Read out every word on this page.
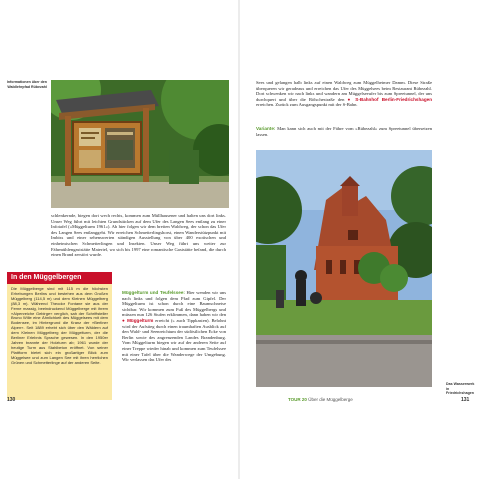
Informationen über den Waldlehrpfad Rübezahl

schlenkernde, biegen dort wech rechts, kommen zum Müllhausener und halten uns dort links. Unser Weg führt mit leichten Grundstücken auf dem Ufer des Langen Sees entlang zu einer Infotafel (»Müggelturm 1961«). Ab hier folgen wir dem breiten Waldweg, der schon das Ufer des Langen Sees entlanggeht. Wir erreichen Schmetterlingshorst, einen Wanderstützpunkt mit Imbiss und einer sehenswerten ständigen Ausstellung von über 400 exotischen und einheimischen Schmetterlingen und Insekten. Unser Weg führt uns weiter zur Fährmühlengaststätte Materiel, wo sich bis 1997 eine romantische Gaststätte befand, die durch einen Brand zerstört wurde.

In den Müggelbergen

Die Müggelberge sind mit 115 m die höchsten Erhebungen Berlins und bestehen aus dem Großen Müggelberg (114,5 m) und dem Kleinen Müggelberg (88,3 m). Während Theodor Fontane sie aus der Ferne massig, beeindruckend Müggelberge mit ihrem »Alpenreiche Gebirge« verglich, sah der Schriftsteller Bruno Wille eine Ähnlichkeit des Müggelsees mit dem Bodensee, im Hintergrund die Kranz der »Berliner Alpen«. Seit 1889 erhebt sich über den Wäldern auf dem Kleinen Müggelberg der Müggelturm, der die Berliner Erlebnis Sprache gewesen. In den 1950er Jahren brannte der Holzturm ab; 1961 wurde der heutige Turm aus Stahlbeton eröffnet. Von seiner Plattform bietet sich ein großartiger Blick zum Müggelsee und zum Langen See mit ihren herrlichen Grünen und Schmetterlinge auf der anderen Seite.

Müggelturm und Teufelssee: Hier wenden wir uns nach links und folgen dem Pfad zum Gipfel. Der Müggelturm ist schon durch eine Baumschneise sichtbar. Wir kommen zum Fuß des Müggelbergs und müssen nun 126 Stufen erklimmen, dann haben wir den ● Müggelturm erreicht (» auch Tippkasten). Belohnt wird der Aufstieg durch einen traumhaften Ausblick auf den Wald- und Seenreichtum der südöstlichen Ecke von Berlin sowie des angrenzenden Landes Brandenburg. Vom Müggelturm biegen wir auf der anderen Seite auf einer Treppe wieder hinab und kommen zum Teufelssee mit einer Tafel über die Wanderwege der Umgebung. Wir verlassen das Ufer des

130

Sees und gelangen halb links auf einen Waldweg zum Müggelheimer Damm. Diese Straße überqueren wir geradeaus und erreichen das Ufer des Müggelsees beim Restaurant Rübezahl. Dort schwenken wir nach links und wandern am Müggelseeufer bis zum Spreetunnel, der uns durchquert und über die Bölschestraße den ● S-Bahnhof Berlin-Friedrichshagen erreichen. Zurück zum Ausgangspunkt mit der S-Bahn.

Variante: Man kann sich auch mit der Fähre vom »Rübezahl« zum Spreetunnel übersetzen lassen.

Das Wasserwerk in Friedrichshagen
TOUR 20 Über die Müggelberge	131
